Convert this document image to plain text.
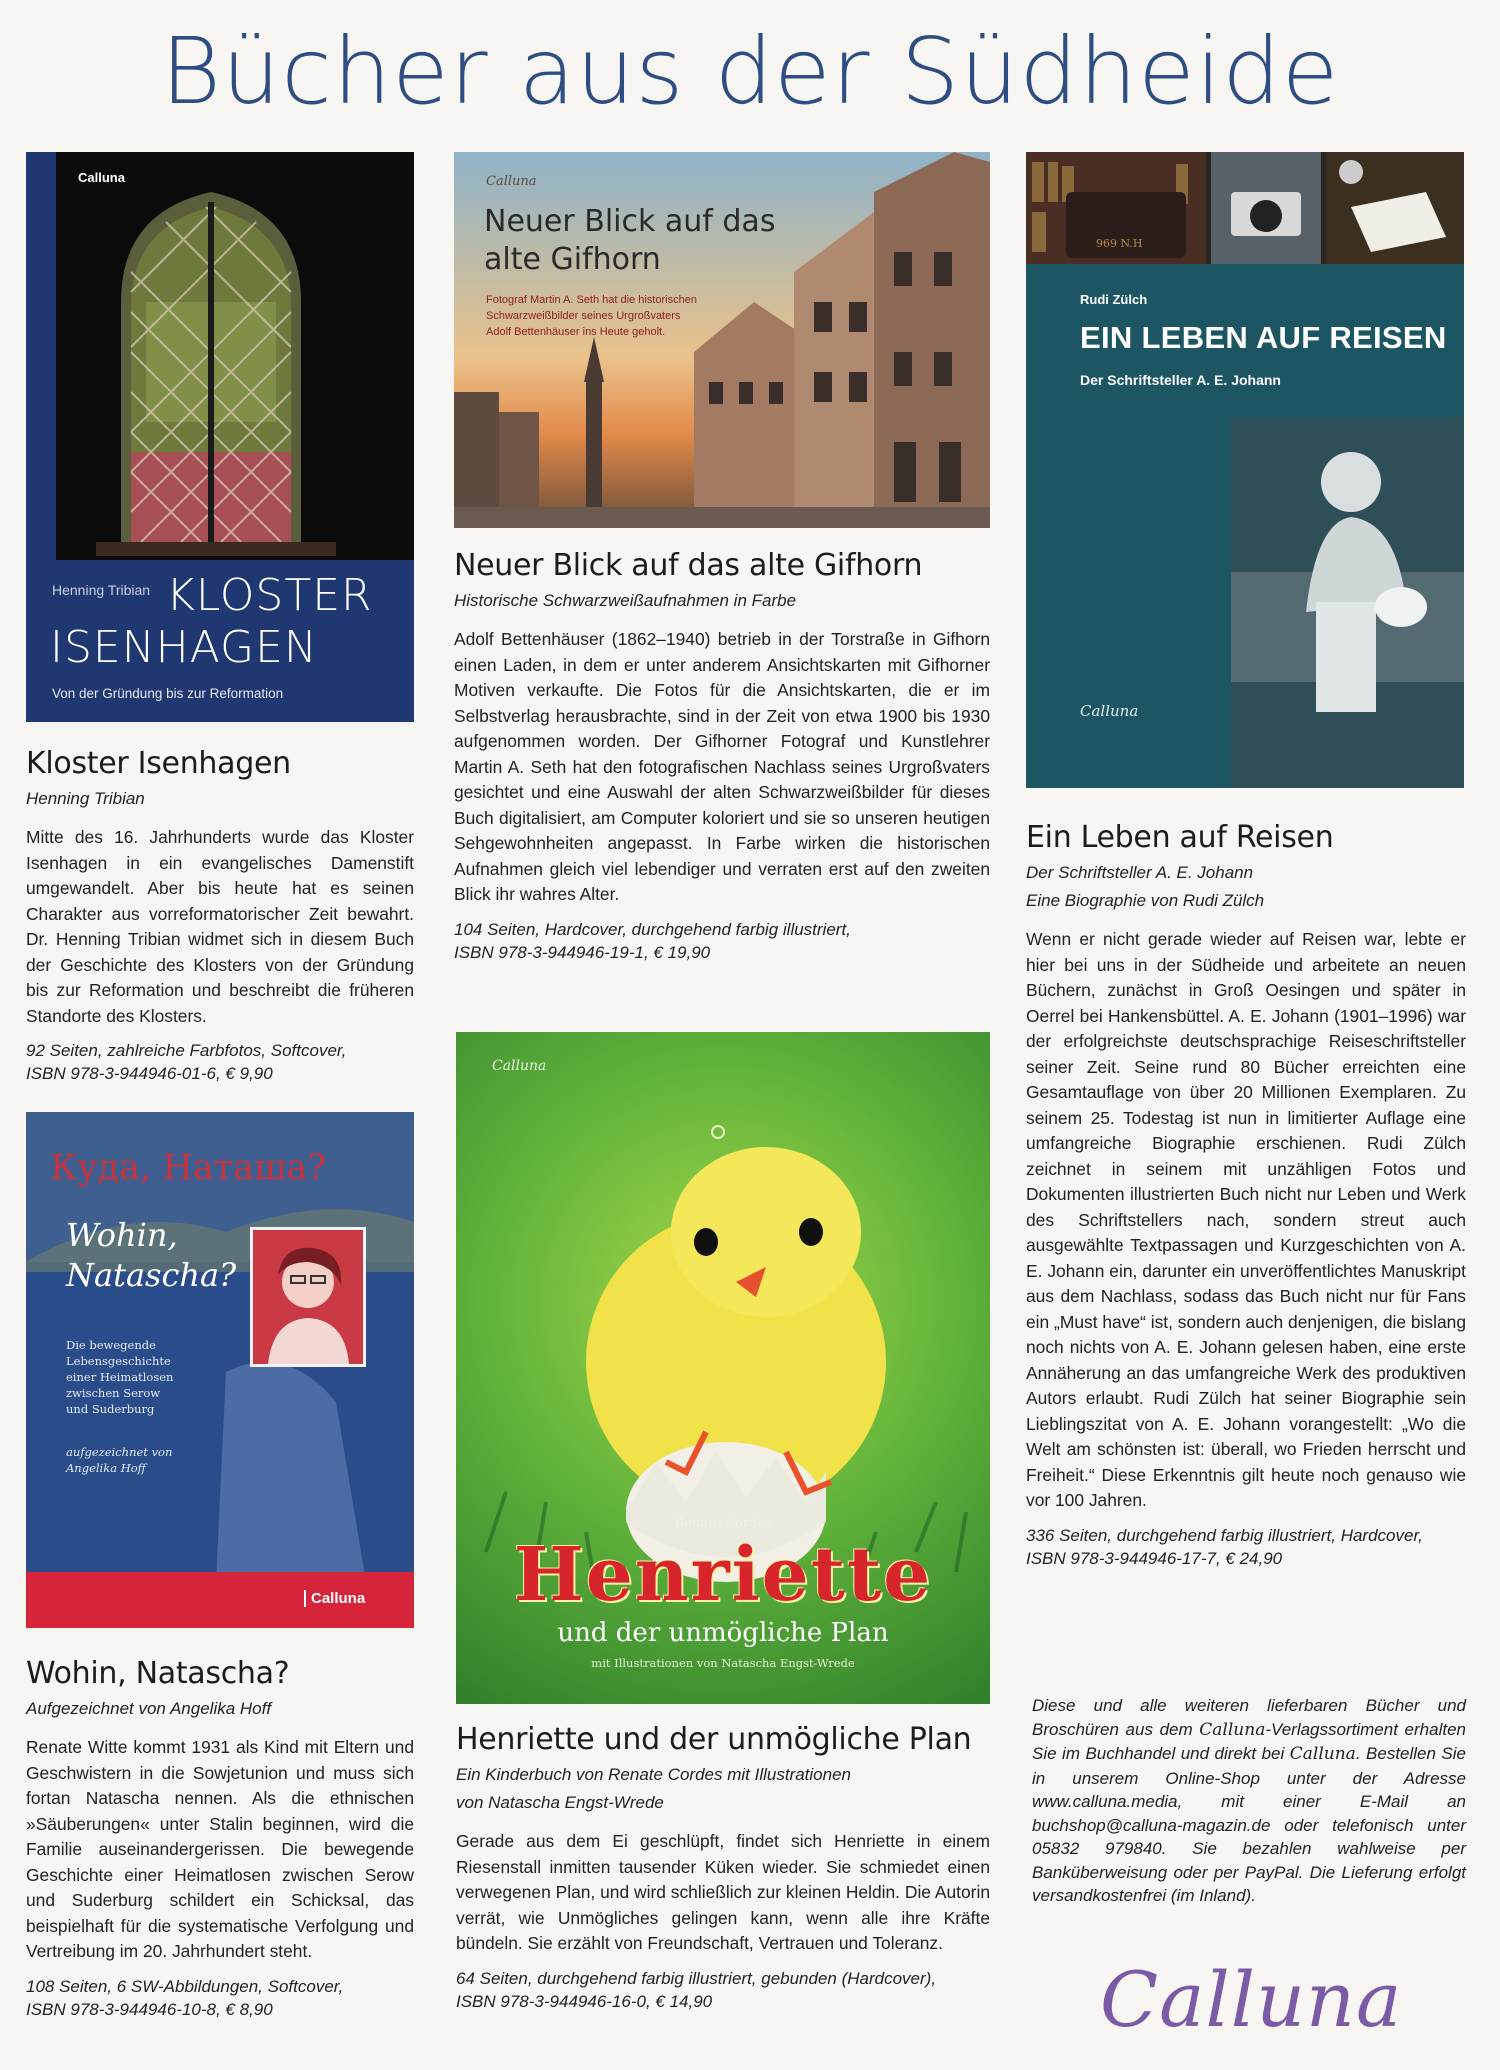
Bücher aus der Südheide
Calluna
Henning Tribian KLOSTER
ISENHAGEN
Von der Gründung bis zur Reformation
Kloster Isenhagen

Henning Tribian

Mitte des 16. Jahrhunderts wurde das Kloster Isenhagen in ein evangelisches Damenstift umgewandelt. Aber bis heute hat es seinen Charakter aus vorreformatorischer Zeit bewahrt. Dr. Henning Tribian widmet sich in diesem Buch der Geschichte des Klosters von der Gründung bis zur Reformation und beschreibt die früheren Standorte des Klosters.

92 Seiten, zahlreiche Farbfotos, Softcover,

ISBN 978-3-944946-01-6, € 9,90

Куда, Наташа?
Wohin,
Natascha?
Die bewegende
Lebensgeschichte
einer Heimatlosen
zwischen Serow
und Suderburg
aufgezeichnet von
Angelika Hoff
Calluna
Wohin, Natascha?

Aufgezeichnet von Angelika Hoff

Renate Witte kommt 1931 als Kind mit Eltern und Geschwistern in die Sowjetunion und muss sich fortan Natascha nennen. Als die ethnischen »Säuberungen« unter Stalin beginnen, wird die Familie auseinandergerissen. Die bewegende Geschichte einer Heimatlosen zwischen Serow und Suderburg schildert ein Schicksal, das beispielhaft für die systematische Verfolgung und Vertreibung im 20. Jahrhundert steht.

108 Seiten, 6 SW-Abbildungen, Softcover,

ISBN 978-3-944946-10-8, € 8,90

Calluna
Neuer Blick auf das
alte Gifhorn
Fotograf Martin A. Seth hat die historischen
Schwarzweißbilder seines Urgroßvaters
Adolf Bettenhäuser ins Heute geholt.
Neuer Blick auf das alte Gifhorn

Historische Schwarzweißaufnahmen in Farbe

Adolf Bettenhäuser (1862–1940) betrieb in der Torstraße in Gifhorn einen Laden, in dem er unter anderem Ansichtskarten mit Gifhorner Motiven verkaufte. Die Fotos für die Ansichtskarten, die er im Selbstverlag herausbrachte, sind in der Zeit von etwa 1900 bis 1930 aufgenommen worden. Der Gifhorner Fotograf und Kunstlehrer Martin A. Seth hat den fotografischen Nachlass seines Urgroßvaters gesichtet und eine Auswahl der alten Schwarzweißbilder für dieses Buch digitalisiert, am Computer koloriert und sie so unseren heutigen Sehgewohnheiten angepasst. In Farbe wirken die historischen Aufnahmen gleich viel lebendiger und verraten erst auf den zweiten Blick ihr wahres Alter.

104 Seiten, Hardcover, durchgehend farbig illustriert,

ISBN 978-3-944946-19-1, € 19,90

Calluna
Renate Cordes
Henriette
und der unmögliche Plan
mit Illustrationen von Natascha Engst-Wrede
Henriette und der unmögliche Plan

Ein Kinderbuch von Renate Cordes mit Illustrationen

von Natascha Engst-Wrede

Gerade aus dem Ei geschlüpft, findet sich Henriette in einem Riesenstall inmitten tausender Küken wieder. Sie schmiedet einen verwegenen Plan, und wird schließlich zur kleinen Heldin. Die Autorin verrät, wie Unmögliches gelingen kann, wenn alle ihre Kräfte bündeln. Sie erzählt von Freundschaft, Vertrauen und Toleranz.

64 Seiten, durchgehend farbig illustriert, gebunden (Hardcover),

ISBN 978-3-944946-16-0, € 14,90

969 N.H
Rudi Zülch
EIN LEBEN AUF REISEN
Der Schriftsteller A. E. Johann
Calluna
Ein Leben auf Reisen

Der Schriftsteller A. E. Johann

Eine Biographie von Rudi Zülch

Wenn er nicht gerade wieder auf Reisen war, lebte er hier bei uns in der Südheide und arbeitete an neuen Büchern, zunächst in Groß Oesingen und später in Oerrel bei Hankensbüttel. A. E. Johann (1901–1996) war der erfolgreichste deutschsprachige Reiseschriftsteller seiner Zeit. Seine rund 80 Bücher erreichten eine Gesamtauflage von über 20 Millionen Exemplaren. Zu seinem 25. Todestag ist nun in limitierter Auflage eine umfangreiche Biographie erschienen. Rudi Zülch zeichnet in seinem mit unzähligen Fotos und Dokumenten illustrierten Buch nicht nur Leben und Werk des Schriftstellers nach, sondern streut auch ausgewählte Textpassagen und Kurzgeschichten von A. E. Johann ein, darunter ein unveröffentlichtes Manuskript aus dem Nachlass, sodass das Buch nicht nur für Fans ein „Must have“ ist, sondern auch denjenigen, die bislang noch nichts von A. E. Johann gelesen haben, eine erste Annäherung an das umfangreiche Werk des produktiven Autors erlaubt. Rudi Zülch hat seiner Biographie sein Lieblingszitat von A. E. Johann vorangestellt: „Wo die Welt am schönsten ist: überall, wo Frieden herrscht und Freiheit.“ Diese Erkenntnis gilt heute noch genauso wie vor 100 Jahren.

336 Seiten, durchgehend farbig illustriert, Hardcover,

ISBN 978-3-944946-17-7, € 24,90

Diese und alle weiteren lieferbaren Bücher und Broschüren aus dem Calluna-Verlagssortiment erhalten Sie im Buchhandel und direkt bei Calluna. Bestellen Sie in unserem Online-Shop unter der Adresse www.calluna.media, mit einer E-Mail an buchshop@calluna-magazin.de oder telefonisch unter 05832 979840. Sie bezahlen wahlweise per Banküberweisung oder per PayPal. Die Lieferung erfolgt versandkostenfrei (im Inland).

Calluna
